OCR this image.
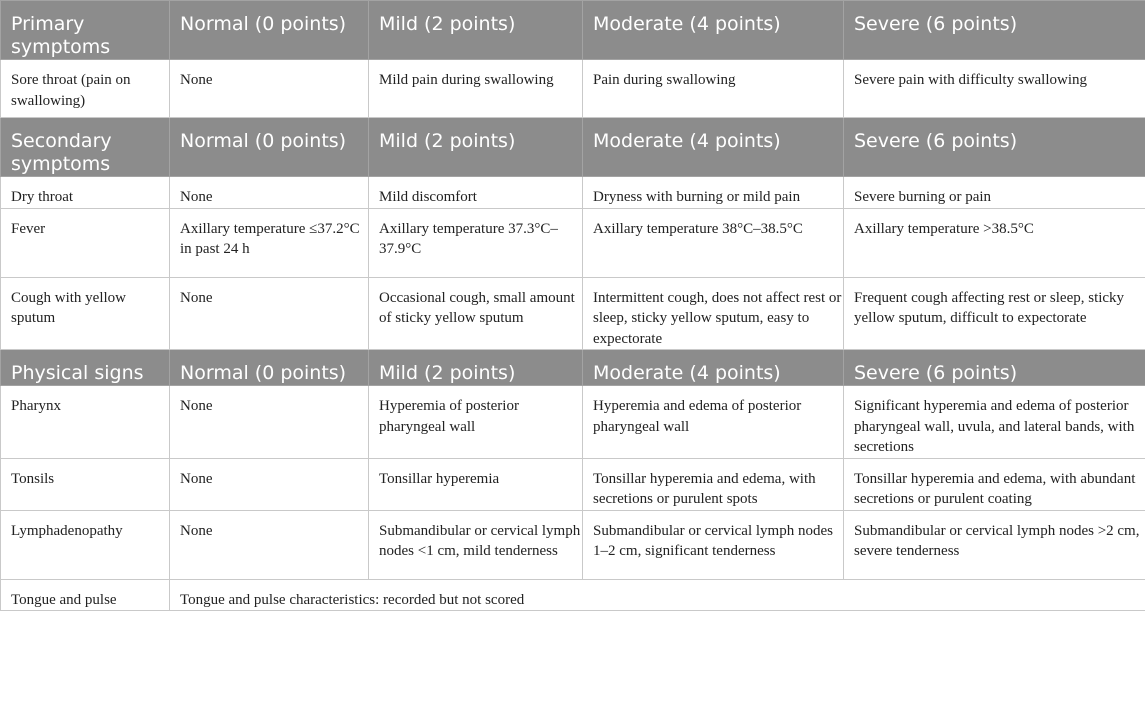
Primary symptoms	Normal (0 points)	Mild (2 points)	Moderate (4 points)	Severe (6 points)
Sore throat (pain on swallowing)	None	Mild pain during swallowing	Pain during swallowing	Severe pain with difficulty swallowing
Secondary symptoms	Normal (0 points)	Mild (2 points)	Moderate (4 points)	Severe (6 points)
Dry throat	None	Mild discomfort	Dryness with burning or mild pain	Severe burning or pain
Fever	Axillary temperature ≤37.2°C in past 24 h	Axillary temperature 37.3°C–37.9°C	Axillary temperature 38°C–38.5°C	Axillary temperature >38.5°C
Cough with yellow sputum	None	Occasional cough, small amount of sticky yellow sputum	Intermittent cough, does not affect rest or sleep, sticky yellow sputum, easy to expectorate	Frequent cough affecting rest or sleep, sticky yellow sputum, difficult to expectorate
Physical signs	Normal (0 points)	Mild (2 points)	Moderate (4 points)	Severe (6 points)
Pharynx	None	Hyperemia of posterior pharyngeal wall	Hyperemia and edema of posterior pharyngeal wall	Significant hyperemia and edema of posterior pharyngeal wall, uvula, and lateral bands, with secretions
Tonsils	None	Tonsillar hyperemia	Tonsillar hyperemia and edema, with secretions or purulent spots	Tonsillar hyperemia and edema, with abundant secretions or purulent coating
Lymphadenopathy	None	Submandibular or cervical lymph nodes <1 cm, mild tenderness	Submandibular or cervical lymph nodes 1–2 cm, significant tenderness	Submandibular or cervical lymph nodes >2 cm, severe tenderness
Tongue and pulse	Tongue and pulse characteristics: recorded but not scored			
